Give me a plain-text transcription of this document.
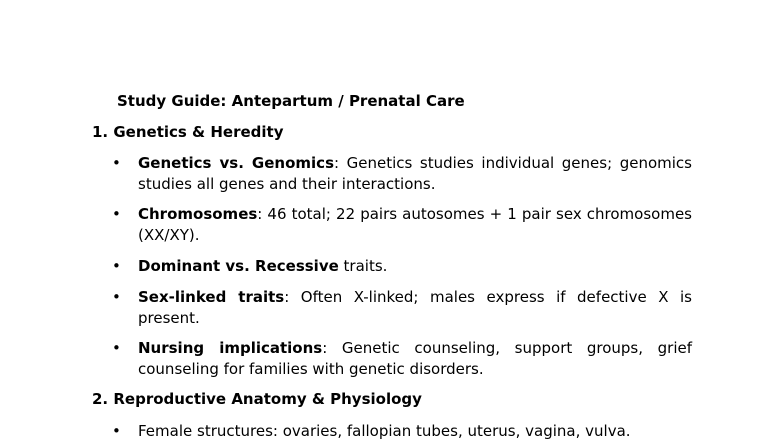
Study Guide: Antepartum / Prenatal Care
1. Genetics & Heredity
•	Genetics vs. Genomics: Genetics studies individual genes; genomics studies all genes and their interactions.
•	Chromosomes: 46 total; 22 pairs autosomes + 1 pair sex chromosomes (XX/XY).
•	Dominant vs. Recessive traits.
•	Sex-linked traits: Often X-linked; males express if defective X is present.
•	Nursing implications: Genetic counseling, support groups, grief counseling for families with genetic disorders.
2. Reproductive Anatomy & Physiology
•	Female structures: ovaries, fallopian tubes, uterus, vagina, vulva.
